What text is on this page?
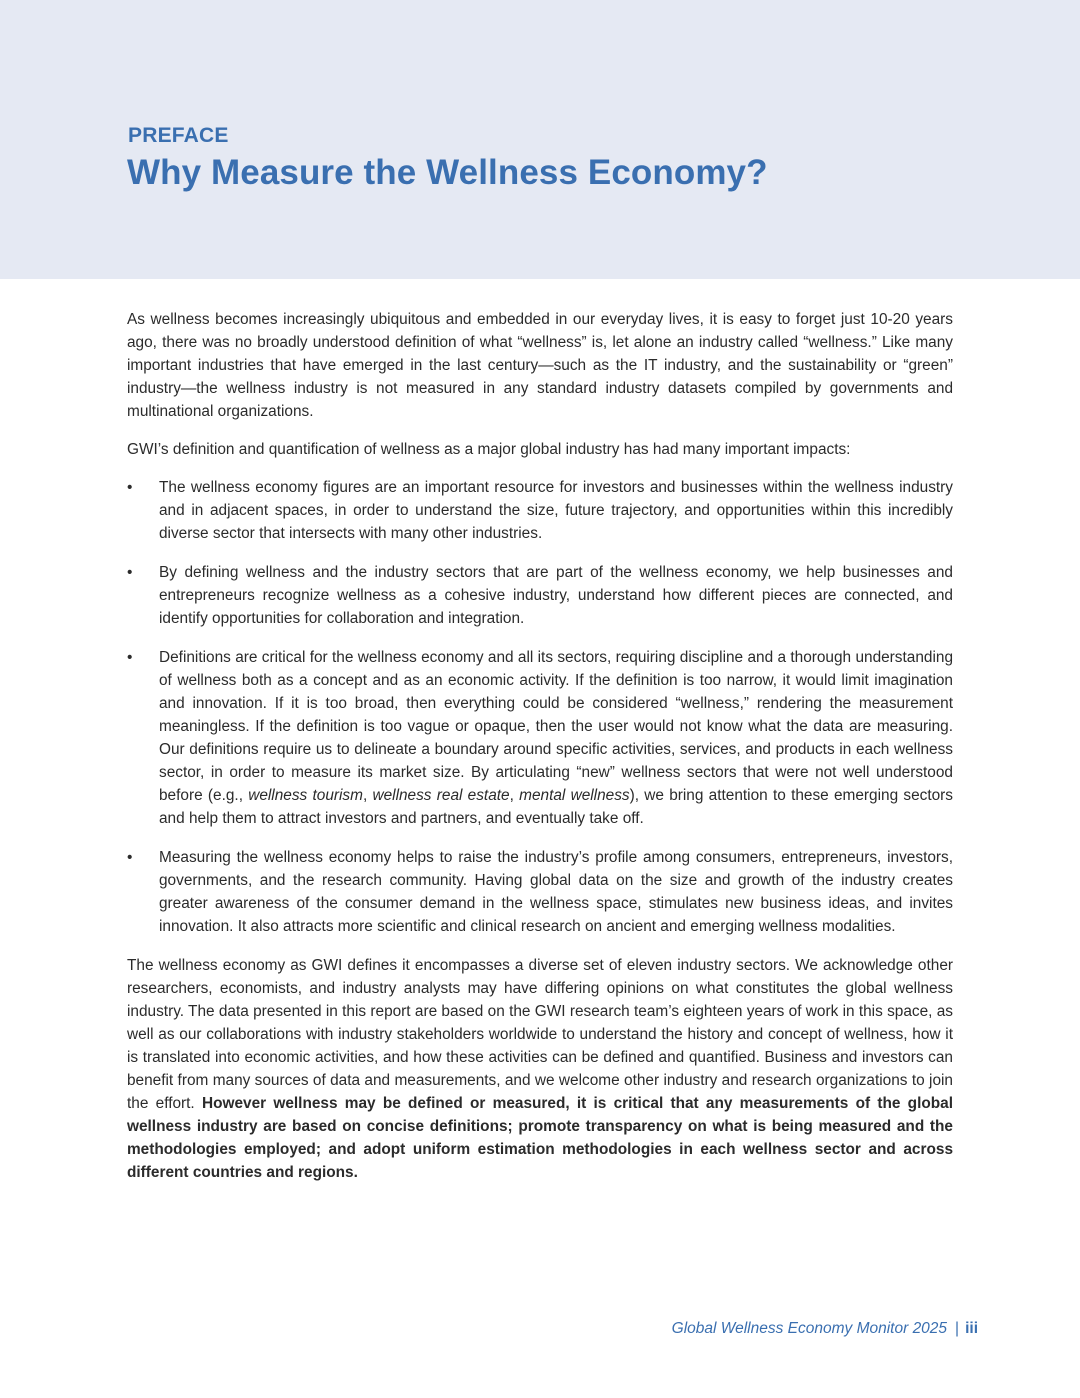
PREFACE
Why Measure the Wellness Economy?

As wellness becomes increasingly ubiquitous and embedded in our everyday lives, it is easy to forget just 10-20 years ago, there was no broadly understood definition of what “wellness” is, let alone an industry called “wellness.” Like many important industries that have emerged in the last century—such as the IT industry, and the sustainability or “green” industry—the wellness industry is not measured in any standard industry datasets compiled by governments and multinational organizations.

GWI’s definition and quantification of wellness as a major global industry has had many important impacts:

• The wellness economy figures are an important resource for investors and businesses within the wellness industry and in adjacent spaces, in order to understand the size, future trajectory, and opportunities within this incredibly diverse sector that intersects with many other industries.
• By defining wellness and the industry sectors that are part of the wellness economy, we help businesses and entrepreneurs recognize wellness as a cohesive industry, understand how different pieces are connected, and identify opportunities for collaboration and integration.
• Definitions are critical for the wellness economy and all its sectors, requiring discipline and a thorough understanding of wellness both as a concept and as an economic activity. If the definition is too narrow, it would limit imagination and innovation. If it is too broad, then everything could be considered “wellness,” rendering the measurement meaningless. If the definition is too vague or opaque, then the user would not know what the data are measuring. Our definitions require us to delineate a boundary around specific activities, services, and products in each wellness sector, in order to measure its market size. By articulating “new” wellness sectors that were not well understood before (e.g., wellness tourism, wellness real estate, mental wellness), we bring attention to these emerging sectors and help them to attract investors and partners, and eventually take off.
• Measuring the wellness economy helps to raise the industry’s profile among consumers, entrepreneurs, investors, governments, and the research community. Having global data on the size and growth of the industry creates greater awareness of the consumer demand in the wellness space, stimulates new business ideas, and invites innovation. It also attracts more scientific and clinical research on ancient and emerging wellness modalities.

The wellness economy as GWI defines it encompasses a diverse set of eleven industry sectors. We acknowledge other researchers, economists, and industry analysts may have differing opinions on what constitutes the global wellness industry. The data presented in this report are based on the GWI research team’s eighteen years of work in this space, as well as our collaborations with industry stakeholders worldwide to understand the history and concept of wellness, how it is translated into economic activities, and how these activities can be defined and quantified. Business and investors can benefit from many sources of data and measurements, and we welcome other industry and research organizations to join the effort. However wellness may be defined or measured, it is critical that any measurements of the global wellness industry are based on concise definitions; promote transparency on what is being measured and the methodologies employed; and adopt uniform estimation methodologies in each wellness sector and across different countries and regions.

Global Wellness Economy Monitor 2025 | iii
